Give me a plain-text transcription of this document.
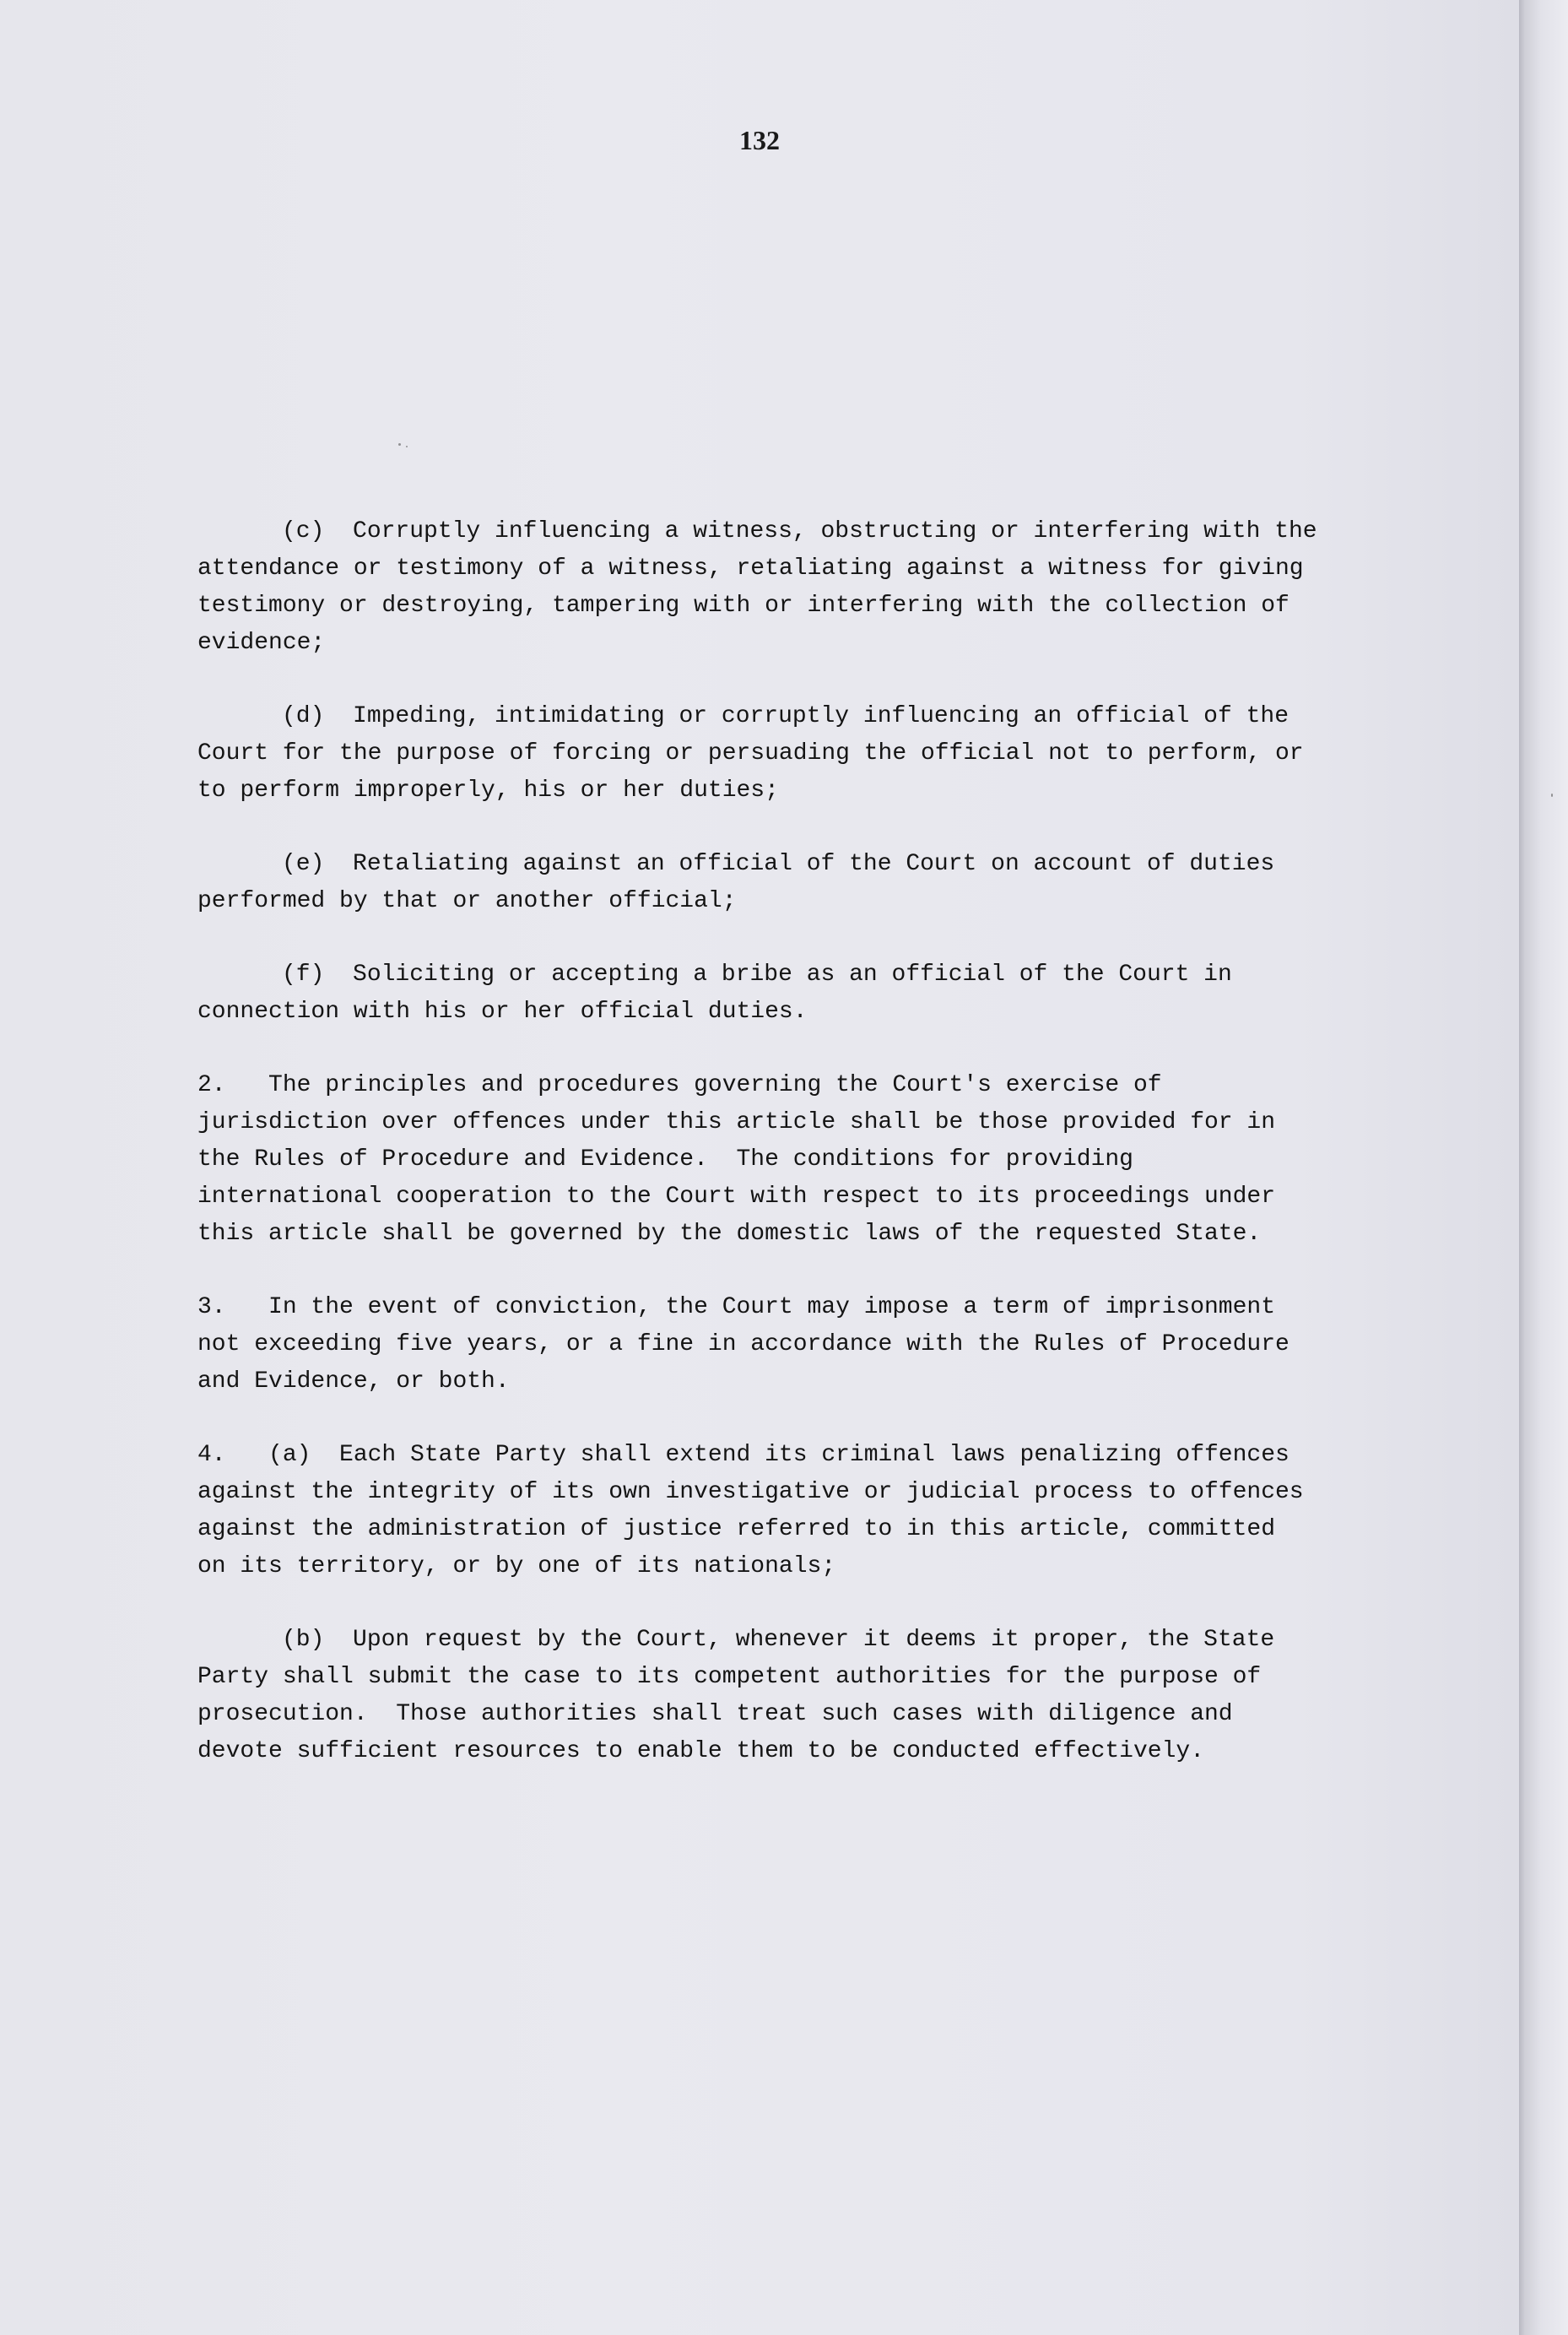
132
(c)  Corruptly influencing a witness, obstructing or interfering with the
attendance or testimony of a witness, retaliating against a witness for giving
testimony or destroying, tampering with or interfering with the collection of
evidence;
(d)  Impeding, intimidating or corruptly influencing an official of the
Court for the purpose of forcing or persuading the official not to perform, or
to perform improperly, his or her duties;
(e)  Retaliating against an official of the Court on account of duties
performed by that or another official;
(f)  Soliciting or accepting a bribe as an official of the Court in
connection with his or her official duties.
2.   The principles and procedures governing the Court's exercise of
jurisdiction over offences under this article shall be those provided for in
the Rules of Procedure and Evidence.  The conditions for providing
international cooperation to the Court with respect to its proceedings under
this article shall be governed by the domestic laws of the requested State.
3.   In the event of conviction, the Court may impose a term of imprisonment
not exceeding five years, or a fine in accordance with the Rules of Procedure
and Evidence, or both.
4.   (a)  Each State Party shall extend its criminal laws penalizing offences
against the integrity of its own investigative or judicial process to offences
against the administration of justice referred to in this article, committed
on its territory, or by one of its nationals;
(b)  Upon request by the Court, whenever it deems it proper, the State
Party shall submit the case to its competent authorities for the purpose of
prosecution.  Those authorities shall treat such cases with diligence and
devote sufficient resources to enable them to be conducted effectively.
